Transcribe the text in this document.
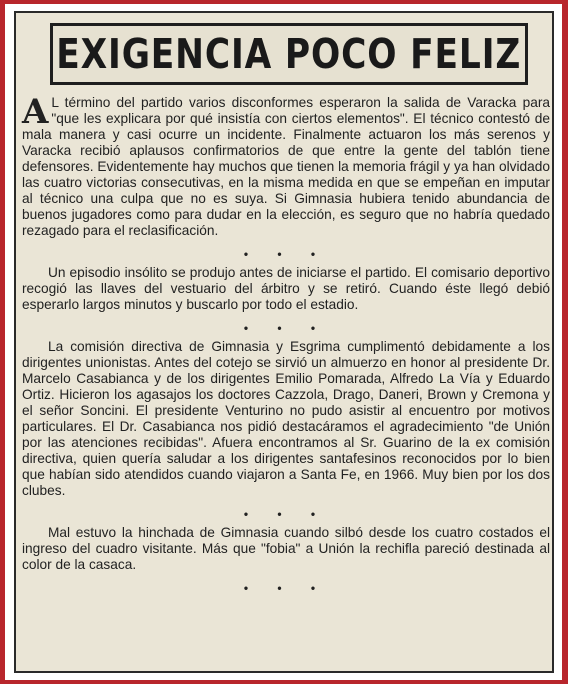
EXIGENCIA POCO FELIZ

A L término del partido varios disconformes esperaron la salida de Varacka para "que les explicara por qué insistía con ciertos elementos". El técnico contestó de mala manera y casi ocurre un incidente. Finalmente actuaron los más serenos y Varacka recibió aplausos confirmatorios de que entre la gente del tablón tiene defensores. Evidentemente hay muchos que tienen la memoria frágil y ya han olvidado las cuatro victorias consecutivas, en la misma medida en que se empeñan en imputar al técnico una culpa que no es suya. Si Gimnasia hubiera tenido abundancia de buenos jugadores como para dudar en la elección, es seguro que no habría quedado rezagado para el reclasificación.

• • •

Un episodio insólito se produjo antes de iniciarse el partido. El comisario deportivo recogió las llaves del vestuario del árbitro y se retiró. Cuando éste llegó debió esperarlo largos minutos y buscarlo por todo el estadio.

• • •

La comisión directiva de Gimnasia y Esgrima cumplimentó debidamente a los dirigentes unionistas. Antes del cotejo se sirvió un almuerzo en honor al presidente Dr. Marcelo Casabianca y de los dirigentes Emilio Pomarada, Alfredo La Vía y Eduardo Ortiz. Hicieron los agasajos los doctores Cazzola, Drago, Daneri, Brown y Cremona y el señor Soncini. El presidente Venturino no pudo asistir al encuentro por motivos particulares. El Dr. Casabianca nos pidió destacáramos el agradecimiento "de Unión por las atenciones recibidas". Afuera encontramos al Sr. Guarino de la ex comisión directiva, quien quería saludar a los dirigentes santafesinos reconocidos por lo bien que habían sido atendidos cuando viajaron a Santa Fe, en 1966. Muy bien por los dos clubes.

• • •

Mal estuvo la hinchada de Gimnasia cuando silbó desde los cuatro costados el ingreso del cuadro visitante. Más que "fobia" a Unión la rechifla pareció destinada al color de la casaca.

• • •
